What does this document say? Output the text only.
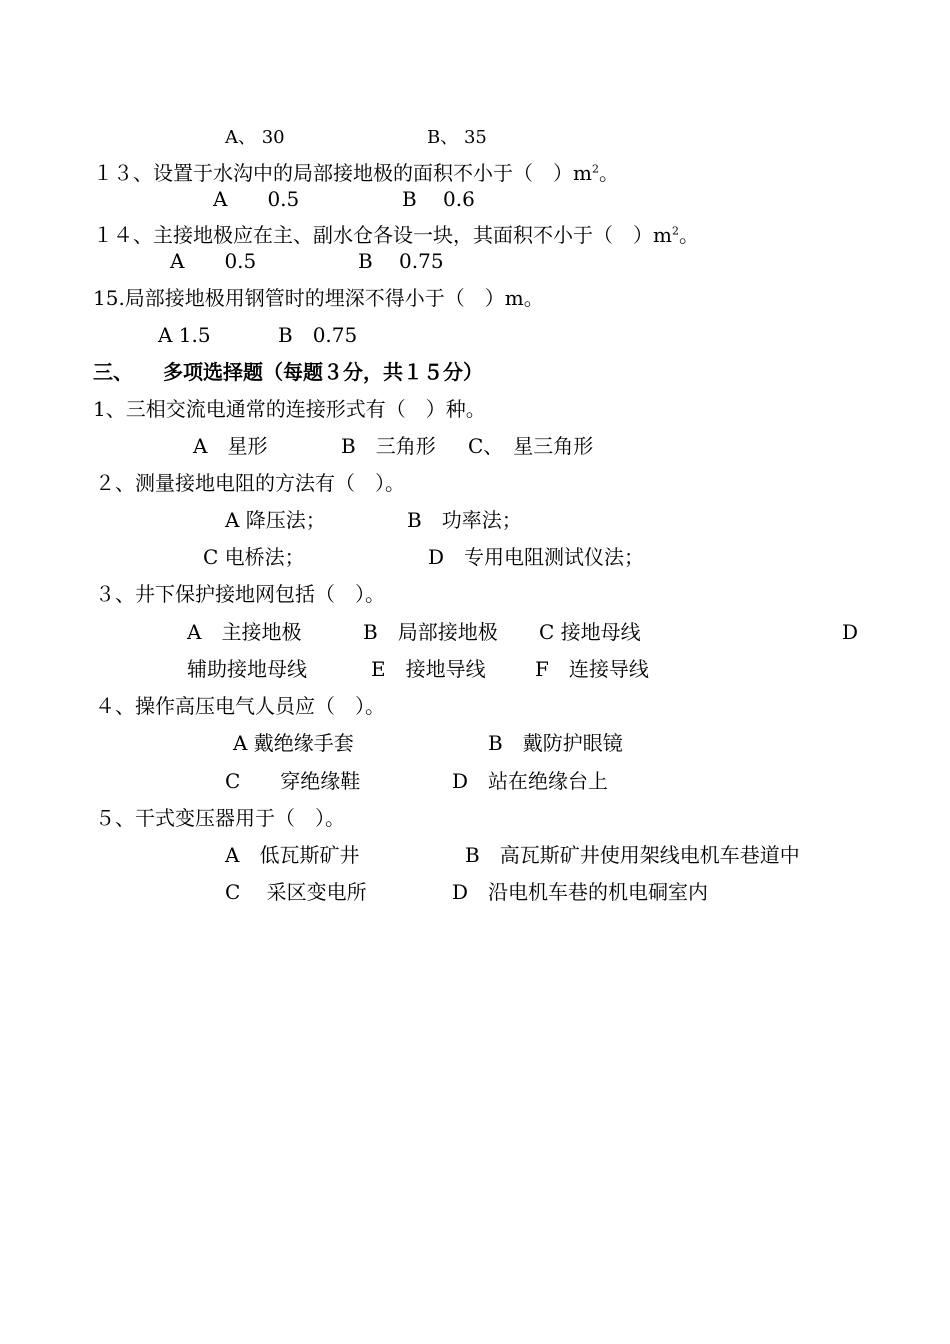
A、 30	B、 35
１３、设置于水沟中的局部接地极的面积不小于（　）$m^2$。
A　　0.5	B　 0.6
１４、主接地极应在主、副水仓各设一块，其面积不小于（　）$m^2$。
A　　0.5	B　 0.75
15.局部接地极用钢管时的埋深不得小于（　）m。
A 1.5	B　0.75
三、　　多项选择题（每题３分，共１５分）
1、三相交流电通常的连接形式有（　）种。
A　星形	B　三角形 C、　星三角形
２、测量接地电阻的方法有（　）。
A 降压法；	B　功率法；
C 电桥法；	D　专用电阻测试仪法；
３、井下保护接地网包括（　）。
A　主接地极	B　局部接地极 C 接地母线	D
辅助接地母线	E　接地导线 F　连接导线
４、操作高压电气人员应（　）。
A 戴绝缘手套	B　戴防护眼镜
C　　穿绝缘鞋	D　站在绝缘台上
５、干式变压器用于（　）。
A　低瓦斯矿井	B　高瓦斯矿井使用架线电机车巷道中
C　 采区变电所	D　沿电机车巷的机电硐室内
